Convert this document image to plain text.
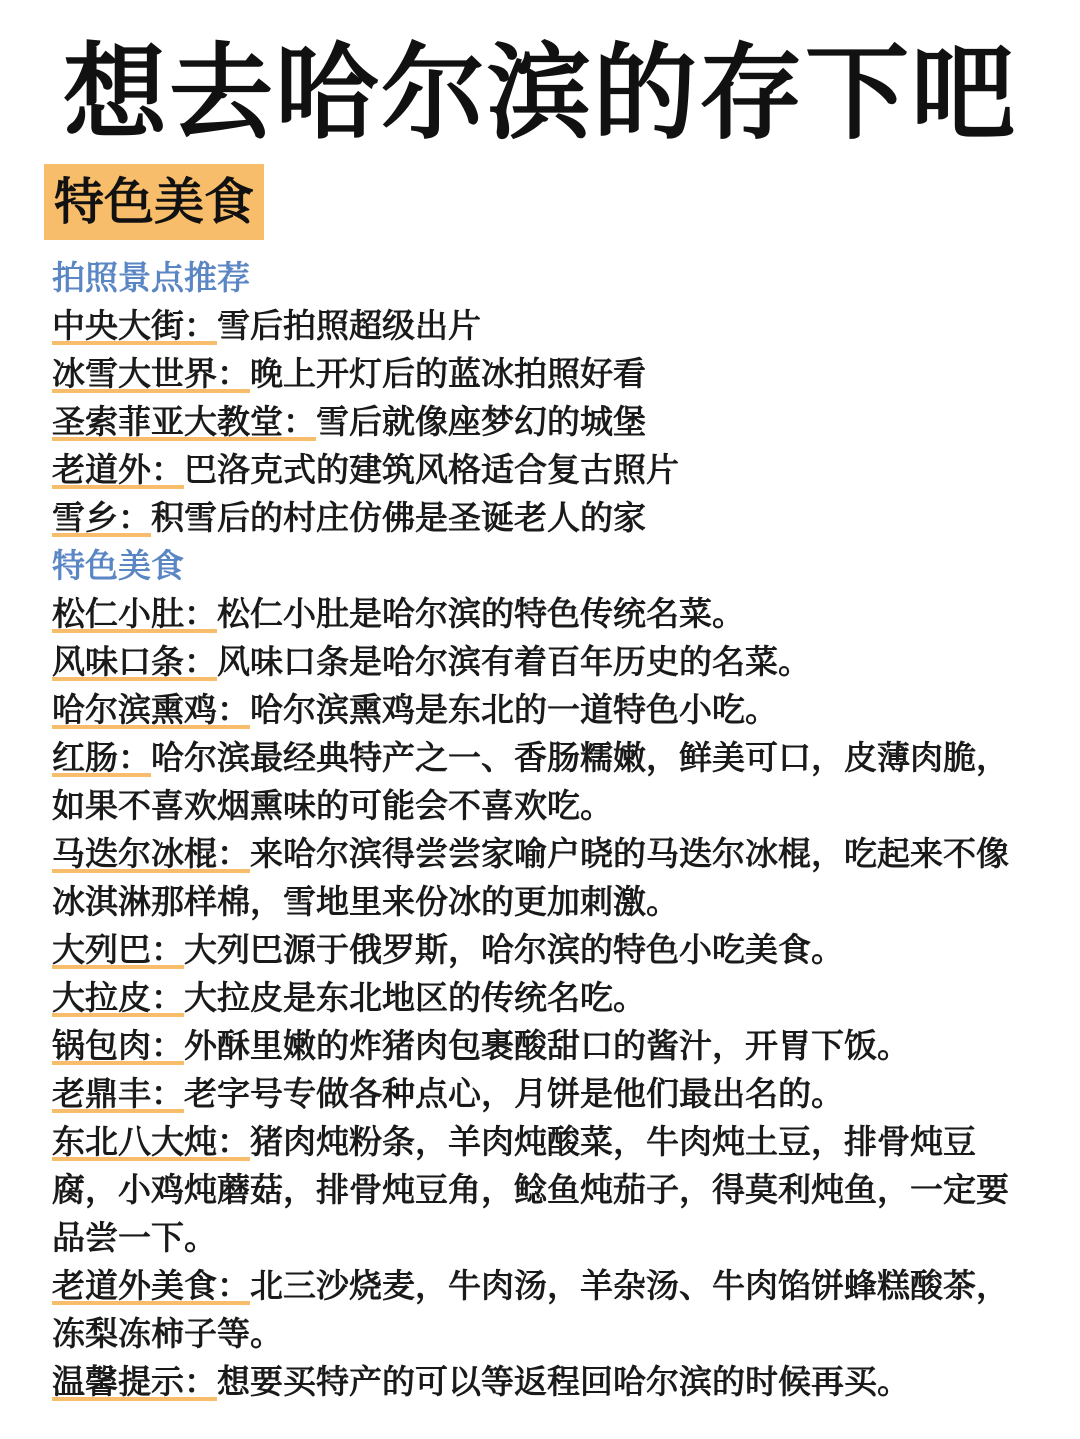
想去哈尔滨的存下吧
特色美食
拍照景点推荐
中央大街：雪后拍照超级出片
冰雪大世界：晚上开灯后的蓝冰拍照好看
圣索菲亚大教堂：雪后就像座梦幻的城堡
老道外：巴洛克式的建筑风格适合复古照片
雪乡：积雪后的村庄仿佛是圣诞老人的家
特色美食
松仁小肚：松仁小肚是哈尔滨的特色传统名菜。
风味口条：风味口条是哈尔滨有着百年历史的名菜。
哈尔滨熏鸡：哈尔滨熏鸡是东北的一道特色小吃。
红肠：哈尔滨最经典特产之一、香肠糯嫩，鲜美可口，皮薄肉脆，如果不喜欢烟熏味的可能会不喜欢吃。
马迭尔冰棍：来哈尔滨得尝尝家喻户晓的马迭尔冰棍，吃起来不像冰淇淋那样棉，雪地里来份冰的更加刺激。
大列巴：大列巴源于俄罗斯，哈尔滨的特色小吃美食。
大拉皮：大拉皮是东北地区的传统名吃。
锅包肉：外酥里嫩的炸猪肉包裹酸甜口的酱汁，开胃下饭。
老鼎丰：老字号专做各种点心，月饼是他们最出名的。
东北八大炖：猪肉炖粉条，羊肉炖酸菜，牛肉炖土豆，排骨炖豆腐，小鸡炖蘑菇，排骨炖豆角，鲶鱼炖茄子，得莫利炖鱼，一定要品尝一下。
老道外美食：北三沙烧麦，牛肉汤，羊杂汤、牛肉馅饼蜂糕酸茶，冻梨冻柿子等。
温馨提示：想要买特产的可以等返程回哈尔滨的时候再买。
